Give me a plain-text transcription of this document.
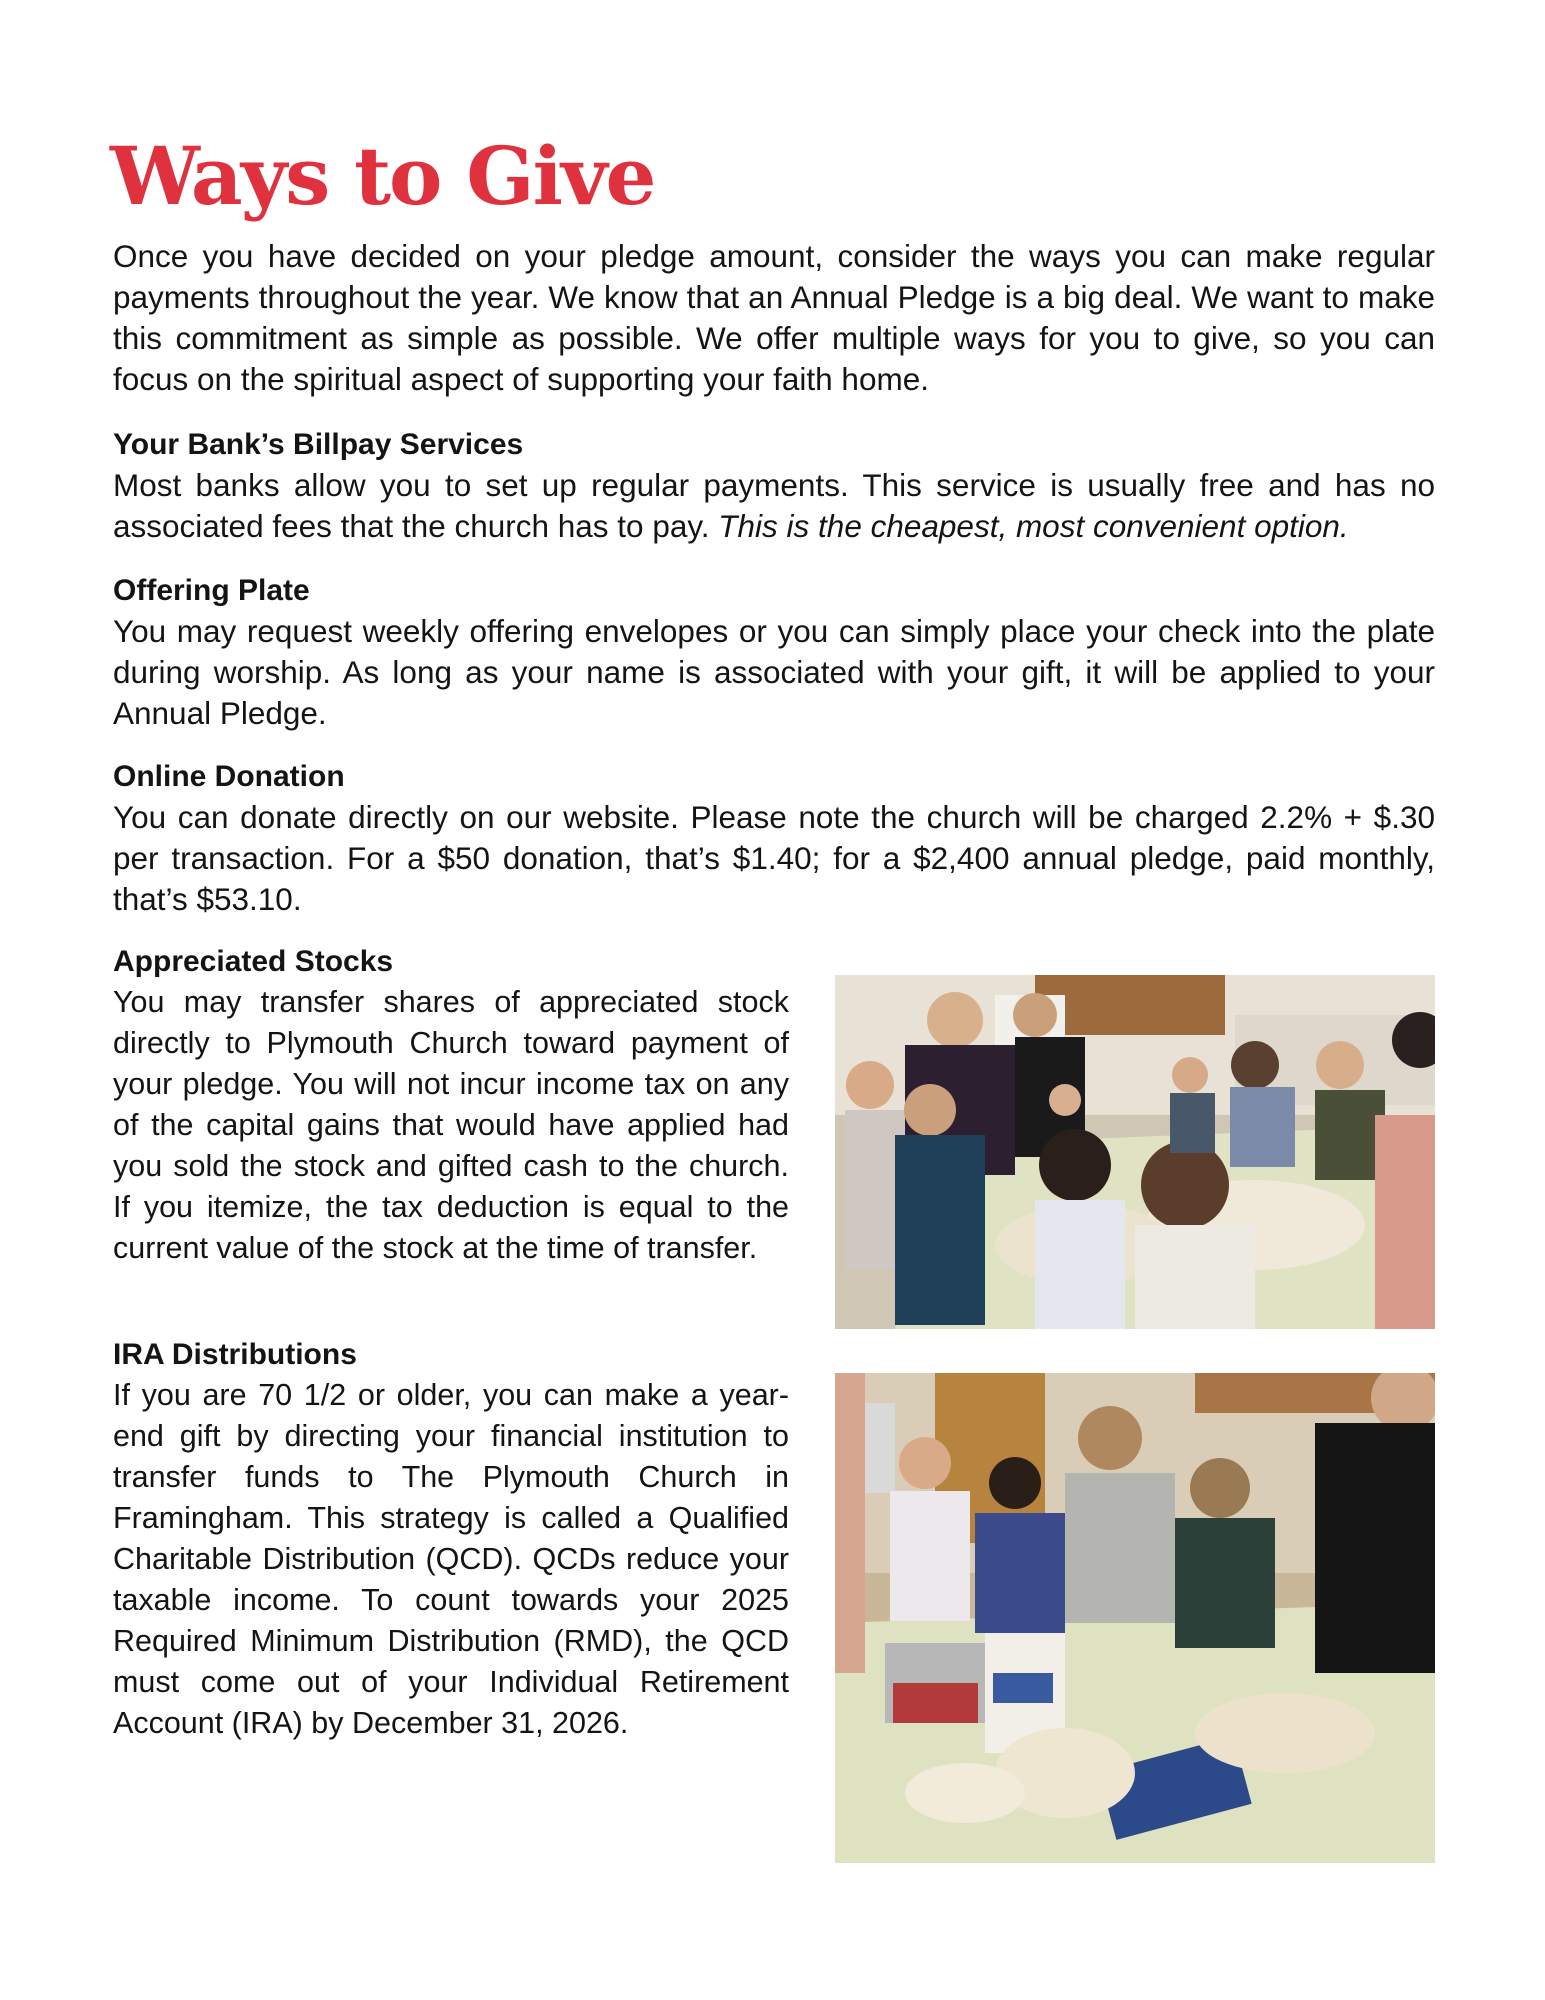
Ways to Give

Once you have decided on your pledge amount, consider the ways you can make regular payments throughout the year. We know that an Annual Pledge is a big deal. We want to make this commitment as simple as possible. We offer multiple ways for you to give, so you can focus on the spiritual aspect of supporting your faith home.

Your Bank’s Billpay Services

Most banks allow you to set up regular payments. This service is usually free and has no associated fees that the church has to pay. This is the cheapest, most convenient option.

Offering Plate

You may request weekly offering envelopes or you can simply place your check into the plate during worship. As long as your name is associated with your gift, it will be applied to your Annual Pledge.

Online Donation

You can donate directly on our website. Please note the church will be charged 2.2% + $.30 per transaction. For a $50 donation, that’s $1.40; for a $2,400 annual pledge, paid monthly, that’s $53.10.

Appreciated Stocks

You may transfer shares of appreciated stock directly to Plymouth Church toward payment of your pledge. You will not incur income tax on any of the capital gains that would have applied had you sold the stock and gifted cash to the church. If you itemize, the tax deduction is equal to the current value of the stock at the time of transfer.

IRA Distributions

If you are 70 1/2 or older, you can make a year-end gift by directing your financial institution to transfer funds to The Plymouth Church in Framingham. This strategy is called a Qualified Charitable Distribution (QCD). QCDs reduce your taxable income. To count towards your 2025 Required Minimum Distribution (RMD), the QCD must come out of your Individual Retirement Account (IRA) by December 31, 2026.
